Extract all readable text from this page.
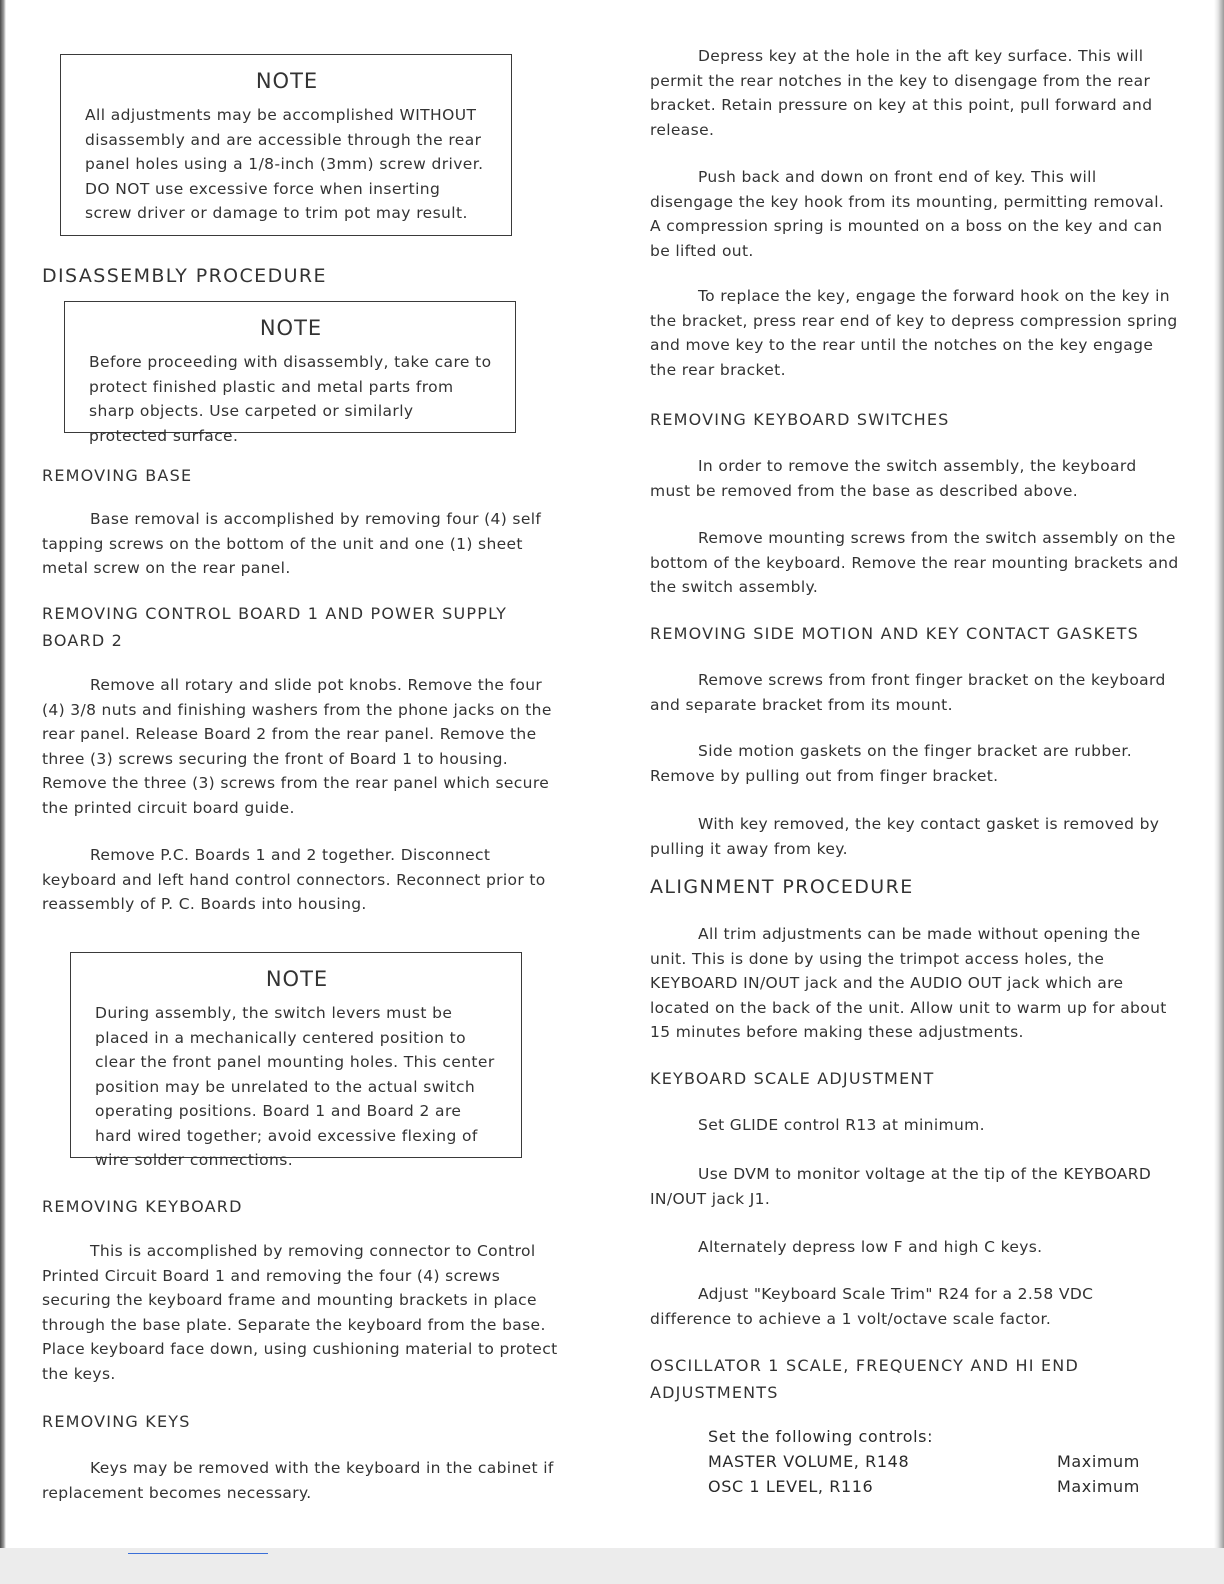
NOTE
All adjustments may be accomplished WITHOUT disassembly and are accessible through the rear panel holes using a 1/8-inch (3mm) screw driver. DO NOT use excessive force when inserting screw driver or damage to trim pot may result.
DISASSEMBLY PROCEDURE
NOTE
Before proceeding with disassembly, take care to protect finished plastic and metal parts from sharp objects. Use carpeted or similarly protected surface.
REMOVING BASE

Base removal is accomplished by removing four (4) self tapping screws on the bottom of the unit and one (1) sheet metal screw on the rear panel.

REMOVING CONTROL BOARD 1 AND POWER SUPPLY BOARD 2

Remove all rotary and slide pot knobs. Remove the four (4) 3/8 nuts and finishing washers from the phone jacks on the rear panel. Release Board 2 from the rear panel. Remove the three (3) screws securing the front of Board 1 to housing. Remove the three (3) screws from the rear panel which secure the printed circuit board guide.

Remove P.C. Boards 1 and 2 together. Disconnect keyboard and left hand control connectors. Reconnect prior to reassembly of P. C. Boards into housing.

NOTE
During assembly, the switch levers must be placed in a mechanically centered position to clear the front panel mounting holes. This center position may be unrelated to the actual switch operating positions. Board 1 and Board 2 are hard wired together; avoid excessive flexing of wire solder connections.
REMOVING KEYBOARD

This is accomplished by removing connector to Control Printed Circuit Board 1 and removing the four (4) screws securing the keyboard frame and mounting brackets in place through the base plate. Separate the keyboard from the base. Place keyboard face down, using cushioning material to protect the keys.

REMOVING KEYS

Keys may be removed with the keyboard in the cabinet if replacement becomes necessary.

Depress key at the hole in the aft key surface. This will permit the rear notches in the key to disengage from the rear bracket. Retain pressure on key at this point, pull forward and release.

Push back and down on front end of key. This will disengage the key hook from its mounting, permitting removal. A compression spring is mounted on a boss on the key and can be lifted out.

To replace the key, engage the forward hook on the key in the bracket, press rear end of key to depress compression spring and move key to the rear until the notches on the key engage the rear bracket.

REMOVING KEYBOARD SWITCHES

In order to remove the switch assembly, the keyboard must be removed from the base as described above.

Remove mounting screws from the switch assembly on the bottom of the keyboard. Remove the rear mounting brackets and the switch assembly.

REMOVING SIDE MOTION AND KEY CONTACT GASKETS

Remove screws from front finger bracket on the keyboard and separate bracket from its mount.

Side motion gaskets on the finger bracket are rubber. Remove by pulling out from finger bracket.

With key removed, the key contact gasket is removed by pulling it away from key.

ALIGNMENT PROCEDURE

All trim adjustments can be made without opening the unit. This is done by using the trimpot access holes, the KEYBOARD IN/OUT jack and the AUDIO OUT jack which are located on the back of the unit. Allow unit to warm up for about 15 minutes before making these adjustments.

KEYBOARD SCALE ADJUSTMENT

Set GLIDE control R13 at minimum.

Use DVM to monitor voltage at the tip of the KEYBOARD IN/OUT jack J1.

Alternately depress low F and high C keys.

Adjust "Keyboard Scale Trim" R24 for a 2.58 VDC difference to achieve a 1 volt/octave scale factor.

OSCILLATOR 1 SCALE, FREQUENCY AND HI END ADJUSTMENTS
Set the following controls:
MASTER VOLUME, R148	Maximum
OSC 1 LEVEL, R116	Maximum
